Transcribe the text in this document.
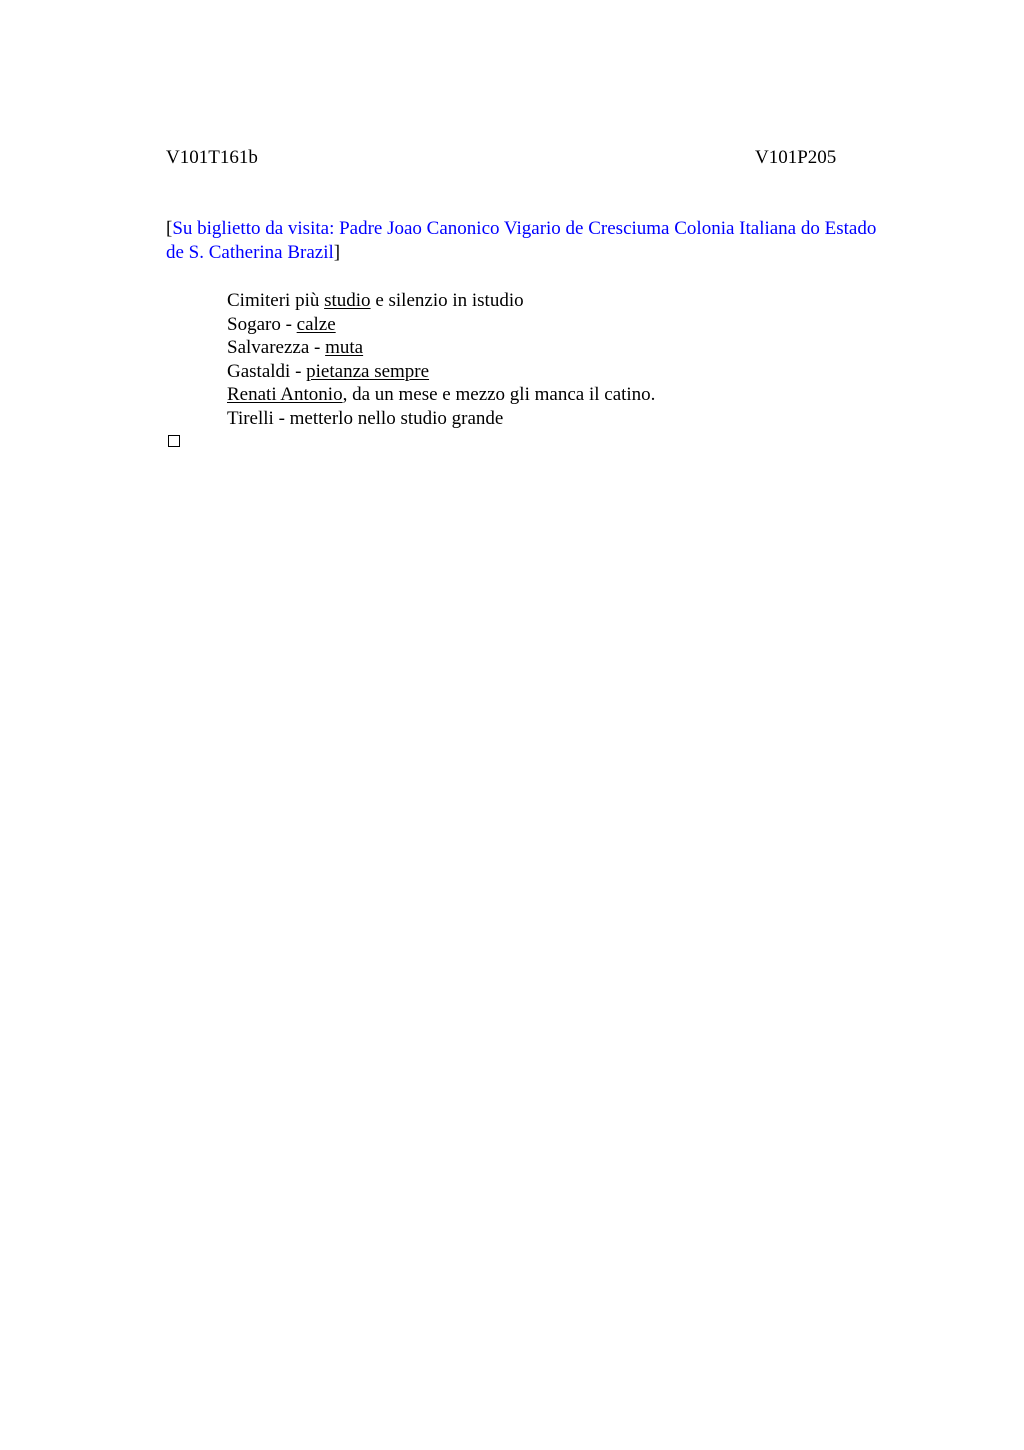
V101T161b	V101P205
[Su biglietto da visita: Padre Joao Canonico Vigario de Cresciuma Colonia Italiana do Estado de S. Catherina Brazil]
Cimiteri più studio e silenzio in istudio
Sogaro - calze
Salvarezza - muta
Gastaldi - pietanza sempre
Renati Antonio, da un mese e mezzo gli manca il catino.
Tirelli - metterlo nello studio grande
